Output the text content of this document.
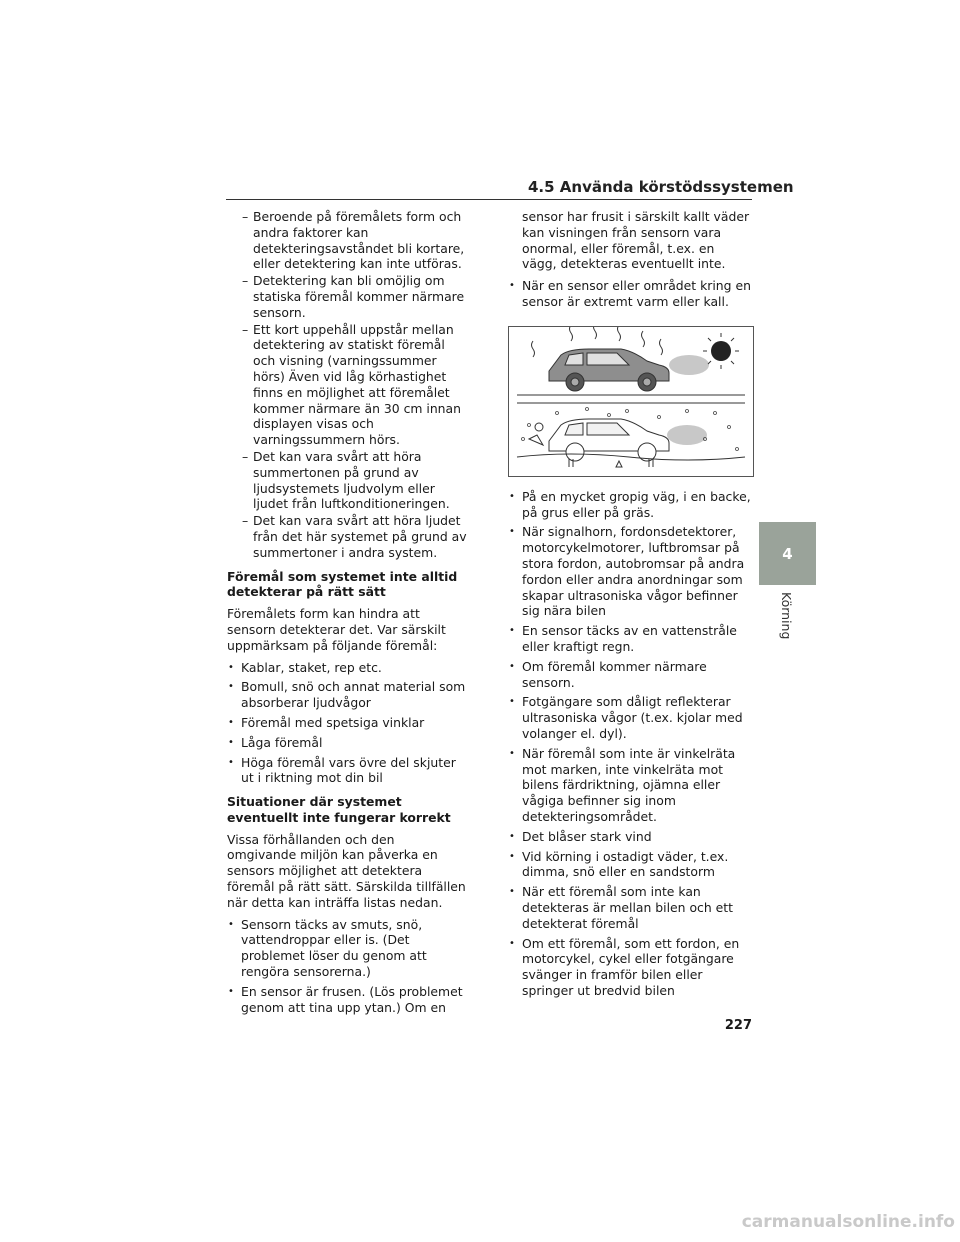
4.5 Använda körstödssystemen
– Beroende på föremålets form och andra faktorer kan detekteringsavståndet bli kortare, eller detektering kan inte utföras.
– Detektering kan bli omöjlig om statiska föremål kommer närmare sensorn.
– Ett kort uppehåll uppstår mellan detektering av statiskt föremål och visning (varningssummer hörs) Även vid låg körhastighet finns en möjlighet att föremålet kommer närmare än 30 cm innan displayen visas och varningssummern hörs.
– Det kan vara svårt att höra summertonen på grund av ljudsystemets ljudvolym eller ljudet från luftkonditioneringen.
– Det kan vara svårt att höra ljudet från det här systemet på grund av summertoner i andra system.
Föremål som systemet inte alltid detekterar på rätt sätt

Föremålets form kan hindra att sensorn detekterar det. Var särskilt uppmärksam på följande föremål:

• Kablar, staket, rep etc.
• Bomull, snö och annat material som absorberar ljudvågor
• Föremål med spetsiga vinklar
• Låga föremål
• Höga föremål vars övre del skjuter ut i riktning mot din bil
Situationer där systemet eventuellt inte fungerar korrekt

Vissa förhållanden och den omgivande miljön kan påverka en sensors möjlighet att detektera föremål på rätt sätt. Särskilda tillfällen när detta kan inträffa listas nedan.

• Sensorn täcks av smuts, snö, vattendroppar eller is. (Det problemet löser du genom att rengöra sensorerna.)
• En sensor är frusen. (Lös problemet genom att tina upp ytan.) Om en

sensor har frusit i särskilt kallt väder kan visningen från sensorn vara onormal, eller föremål, t.ex. en vägg, detekteras eventuellt inte.

• När en sensor eller området kring en sensor är extremt varm eller kall.
• På en mycket gropig väg, i en backe, på grus eller på gräs.
• När signalhorn, fordonsdetektorer, motorcykelmotorer, luftbromsar på stora fordon, autobromsar på andra fordon eller andra anordningar som skapar ultrasoniska vågor befinner sig nära bilen
• En sensor täcks av en vattenstråle eller kraftigt regn.
• Om föremål kommer närmare sensorn.
• Fotgängare som dåligt reflekterar ultrasoniska vågor (t.ex. kjolar med volanger el. dyl).
• När föremål som inte är vinkelräta mot marken, inte vinkelräta mot bilens färdriktning, ojämna eller vågiga befinner sig inom detekteringsområdet.
• Det blåser stark vind
• Vid körning i ostadigt väder, t.ex. dimma, snö eller en sandstorm
• När ett föremål som inte kan detekteras är mellan bilen och ett detekterat föremål
• Om ett föremål, som ett fordon, en motorcykel, cykel eller fotgängare svänger in framför bilen eller springer ut bredvid bilen
4
Körning
227
carmanualsonline.info
